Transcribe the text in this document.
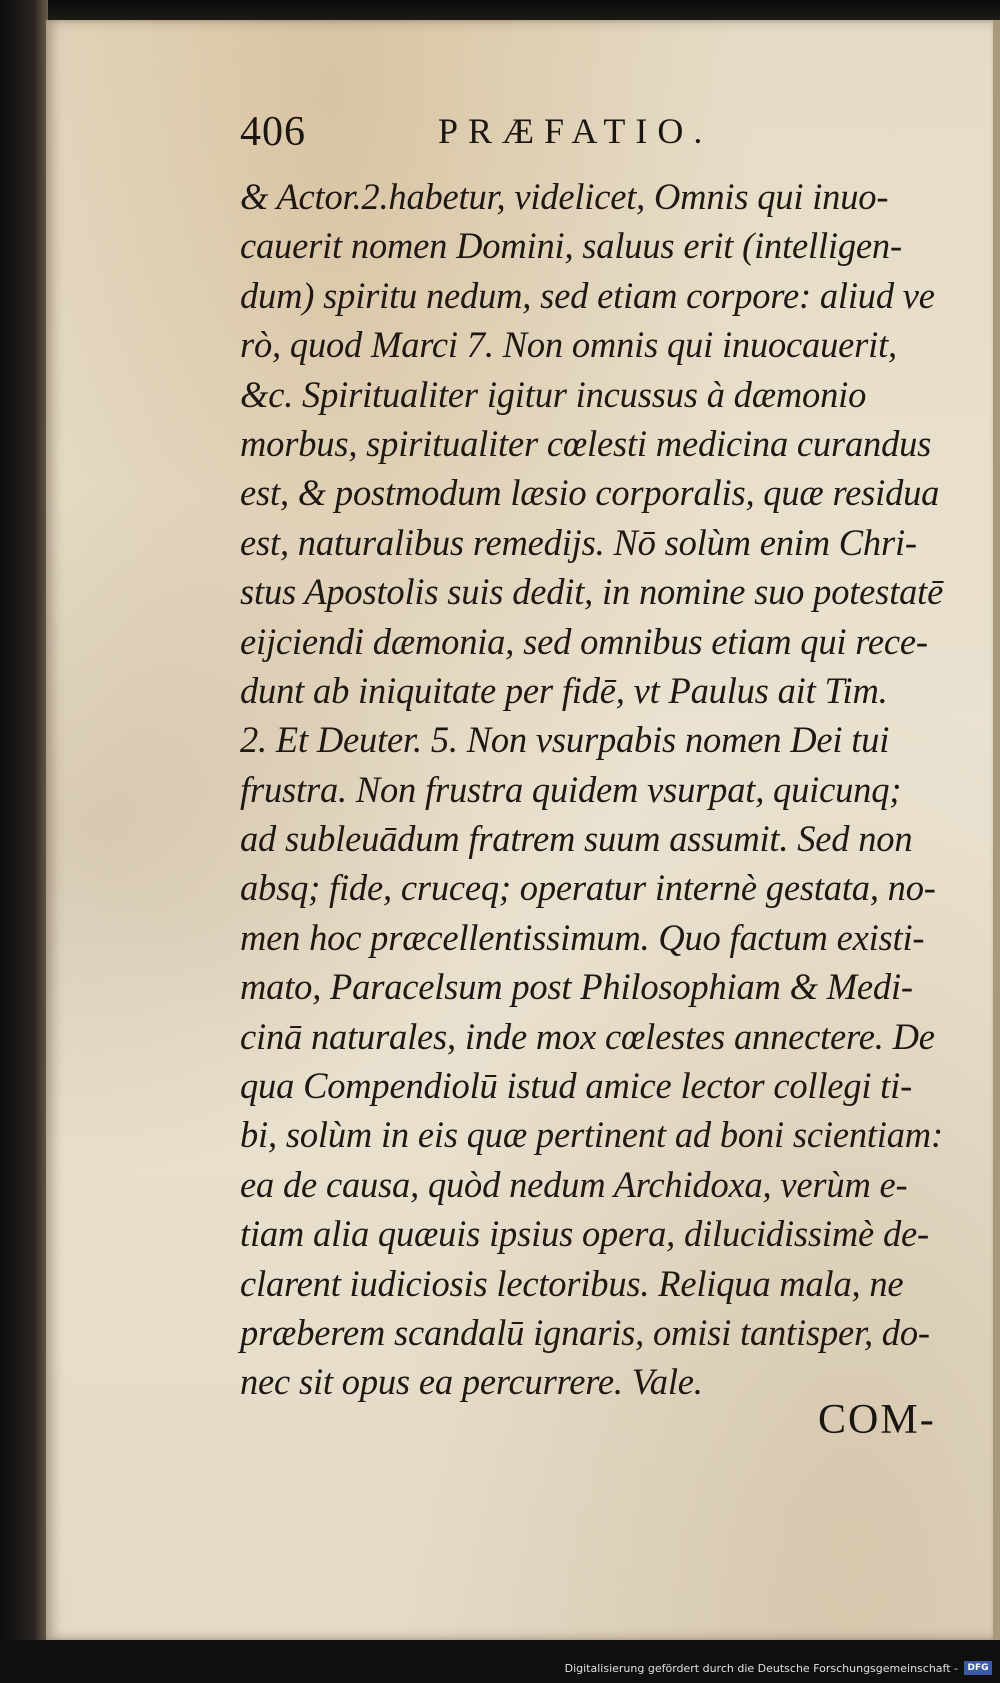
406	PRÆFATIO.
& Actor.2.habetur, videlicet, Omnis qui inuo-
cauerit nomen Domini, saluus erit (intelligen-
dum) spiritu nedum, sed etiam corpore: aliud ve
rò, quod Marci 7. Non omnis qui inuocauerit,
&c. Spiritualiter igitur incussus à dæmonio
morbus, spiritualiter cœlesti medicina curandus
est, & postmodum læsio corporalis, quæ residua
est, naturalibus remedijs. Nō solùm enim Chri-
stus Apostolis suis dedit, in nomine suo potestatē
eijciendi dæmonia, sed omnibus etiam qui rece-
dunt ab iniquitate per fidē, vt Paulus ait Tim.
2. Et Deuter. 5. Non vsurpabis nomen Dei tui
frustra. Non frustra quidem vsurpat, quicunq;
ad subleuādum fratrem suum assumit. Sed non
absq; fide, cruceq; operatur internè gestata, no-
men hoc præcellentissimum. Quo factum existi-
mato, Paracelsum post Philosophiam & Medi-
cinā naturales, inde mox cœlestes annectere. De
qua Compendiolū istud amice lector collegi ti-
bi, solùm in eis quæ pertinent ad boni scientiam:
ea de causa, quòd nedum Archidoxa, verùm e-
tiam alia quæuis ipsius opera, dilucidissimè de-
clarent iudiciosis lectoribus. Reliqua mala, ne
præberem scandalū ignaris, omisi tantisper, do-
nec sit opus ea percurrere. Vale.
COM-
Digitalisierung gefördert durch die Deutsche Forschungsgemeinschaft -	DFG
